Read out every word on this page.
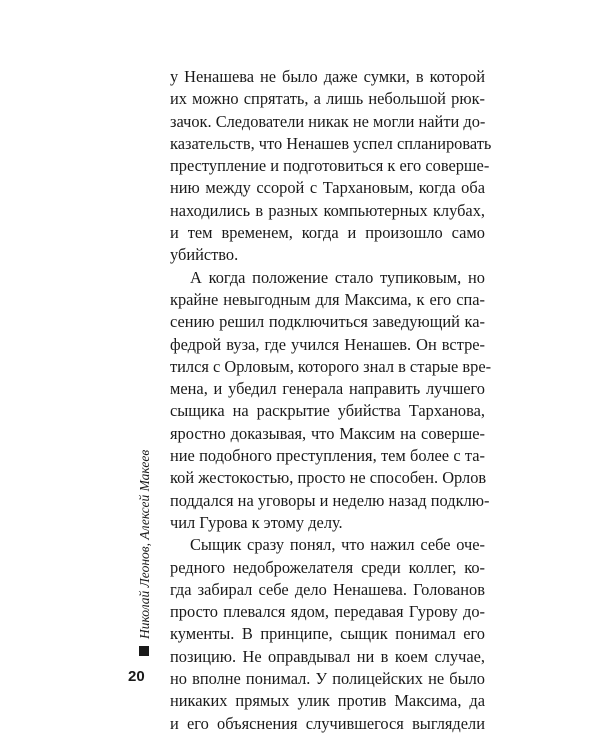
у Ненашева не было даже сумки, в которой
их можно спрятать, а лишь небольшой рюк-
зачок. Следователи никак не могли найти до-
казательств, что Ненашев успел спланировать
преступление и подготовиться к его соверше-
нию между ссорой с Тархановым, когда оба
находились в разных компьютерных клубах,
и тем временем, когда и произошло само
убийство.

А когда положение стало тупиковым, но
крайне невыгодным для Максима, к его спа-
сению решил подключиться заведующий ка-
федрой вуза, где учился Ненашев. Он встре-
тился с Орловым, которого знал в старые вре-
мена, и убедил генерала направить лучшего
сыщика на раскрытие убийства Тарханова,
яростно доказывая, что Максим на соверше-
ние подобного преступления, тем более с та-
кой жестокостью, просто не способен. Орлов
поддался на уговоры и неделю назад подклю-
чил Гурова к этому делу.

Сыщик сразу понял, что нажил себе оче-
редного недоброжелателя среди коллег, ко-
гда забирал себе дело Ненашева. Голованов
просто плевался ядом, передавая Гурову до-
кументы. В принципе, сыщик понимал его
позицию. Не оправдывал ни в коем случае,
но вполне понимал. У полицейских не было
никаких прямых улик против Максима, да
и его объяснения случившегося выглядели

Николай Леонов, Алексей Макеев
20
